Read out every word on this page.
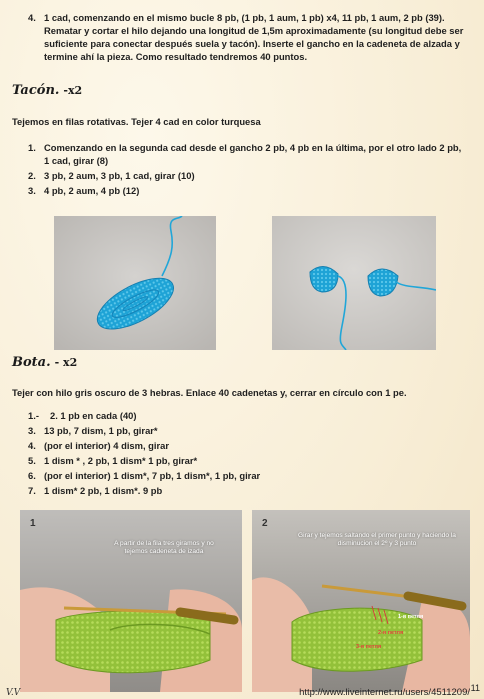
4. 1 cad, comenzando en el mismo bucle 8 pb, (1 pb, 1 aum, 1 pb) x4, 11 pb, 1 aum, 2 pb (39). Rematar y cortar el hilo dejando una longitud de 1,5m aproximadamente (su longitud debe ser suficiente para conectar después suela y tacón). Inserte el gancho en la cadeneta de alzada y termine ahí la pieza. Como resultado tendremos 40 puntos.
Tacón. -x2
Tejemos en filas rotativas. Tejer 4 cad en color turquesa
1. Comenzando en la segunda cad desde el gancho 2 pb, 4 pb en la última, por el otro lado 2 pb, 1 cad, girar (8)
2. 3 pb, 2 aum, 3 pb, 1 cad, girar (10)
3. 4 pb, 2 aum, 4 pb (12)
Bota. - x2
Tejer con hilo gris oscuro de 3 hebras. Enlace 40 cadenetas y, cerrar en círculo con 1 pe.
1.- 2. 1 pb en cada (40)
3. 13 pb, 7 dism, 1 pb, girar*
4. (por el interior) 4 dism, girar
5. 1 dism * , 2 pb, 1 dism* 1 pb, girar*
6. (por el interior) 1 dism*, 7 pb, 1 dism*, 1 pb, girar
7. 1 dism* 2 pb, 1 dism*. 9 pb
1
A partir de la fila tres giramos y no tejemos cadeneta de izada
2
Girar y tejemos saltando el primer punto y haciendo la disminucion el 2º y 3 punto
1-я петля
2-я петля
3-я петля
V.V	http://www.liveinternet.ru/users/4511209/ 11
